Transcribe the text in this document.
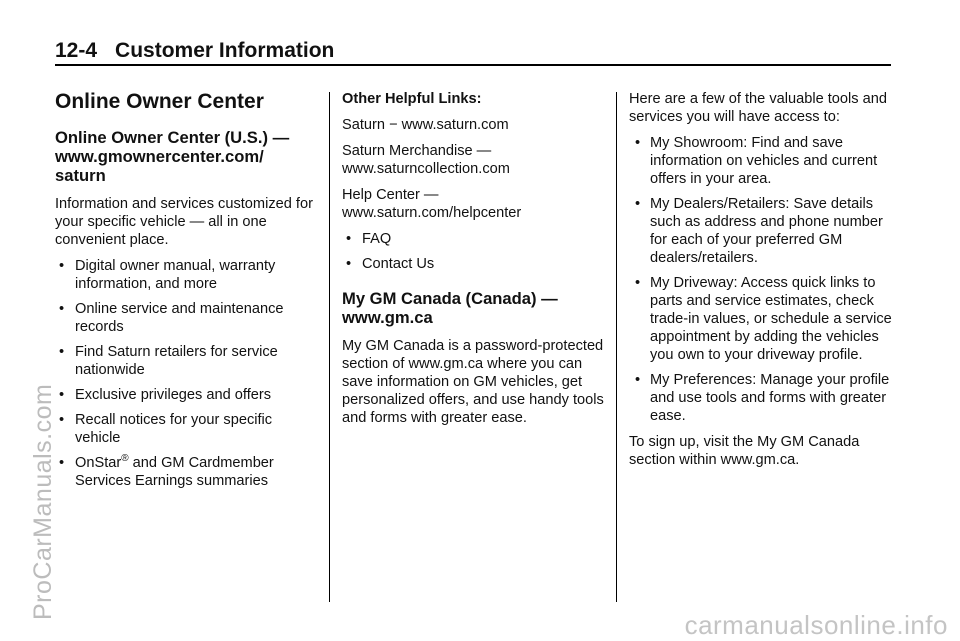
12-4 Customer Information
Online Owner Center
Online Owner Center (U.S.) — www.gmownercenter.com/ saturn

Information and services customized for your specific vehicle — all in one convenient place.

• Digital owner manual, warranty information, and more
• Online service and maintenance records
• Find Saturn retailers for service nationwide
• Exclusive privileges and offers
• Recall notices for your specific vehicle
• OnStar® and GM Cardmember Services Earnings summaries

Other Helpful Links:

Saturn − www.saturn.com

Saturn Merchandise — www.saturncollection.com

Help Center — www.saturn.com/helpcenter

• FAQ
• Contact Us
My GM Canada (Canada) — www.gm.ca

My GM Canada is a password-protected section of www.gm.ca where you can save information on GM vehicles, get personalized offers, and use handy tools and forms with greater ease.

Here are a few of the valuable tools and services you will have access to:

• My Showroom: Find and save information on vehicles and current offers in your area.
• My Dealers/Retailers: Save details such as address and phone number for each of your preferred GM dealers/retailers.
• My Driveway: Access quick links to parts and service estimates, check trade-in values, or schedule a service appointment by adding the vehicles you own to your driveway profile.
• My Preferences: Manage your profile and use tools and forms with greater ease.

To sign up, visit the My GM Canada section within www.gm.ca.

ProCarManuals.com
carmanualsonline.info
